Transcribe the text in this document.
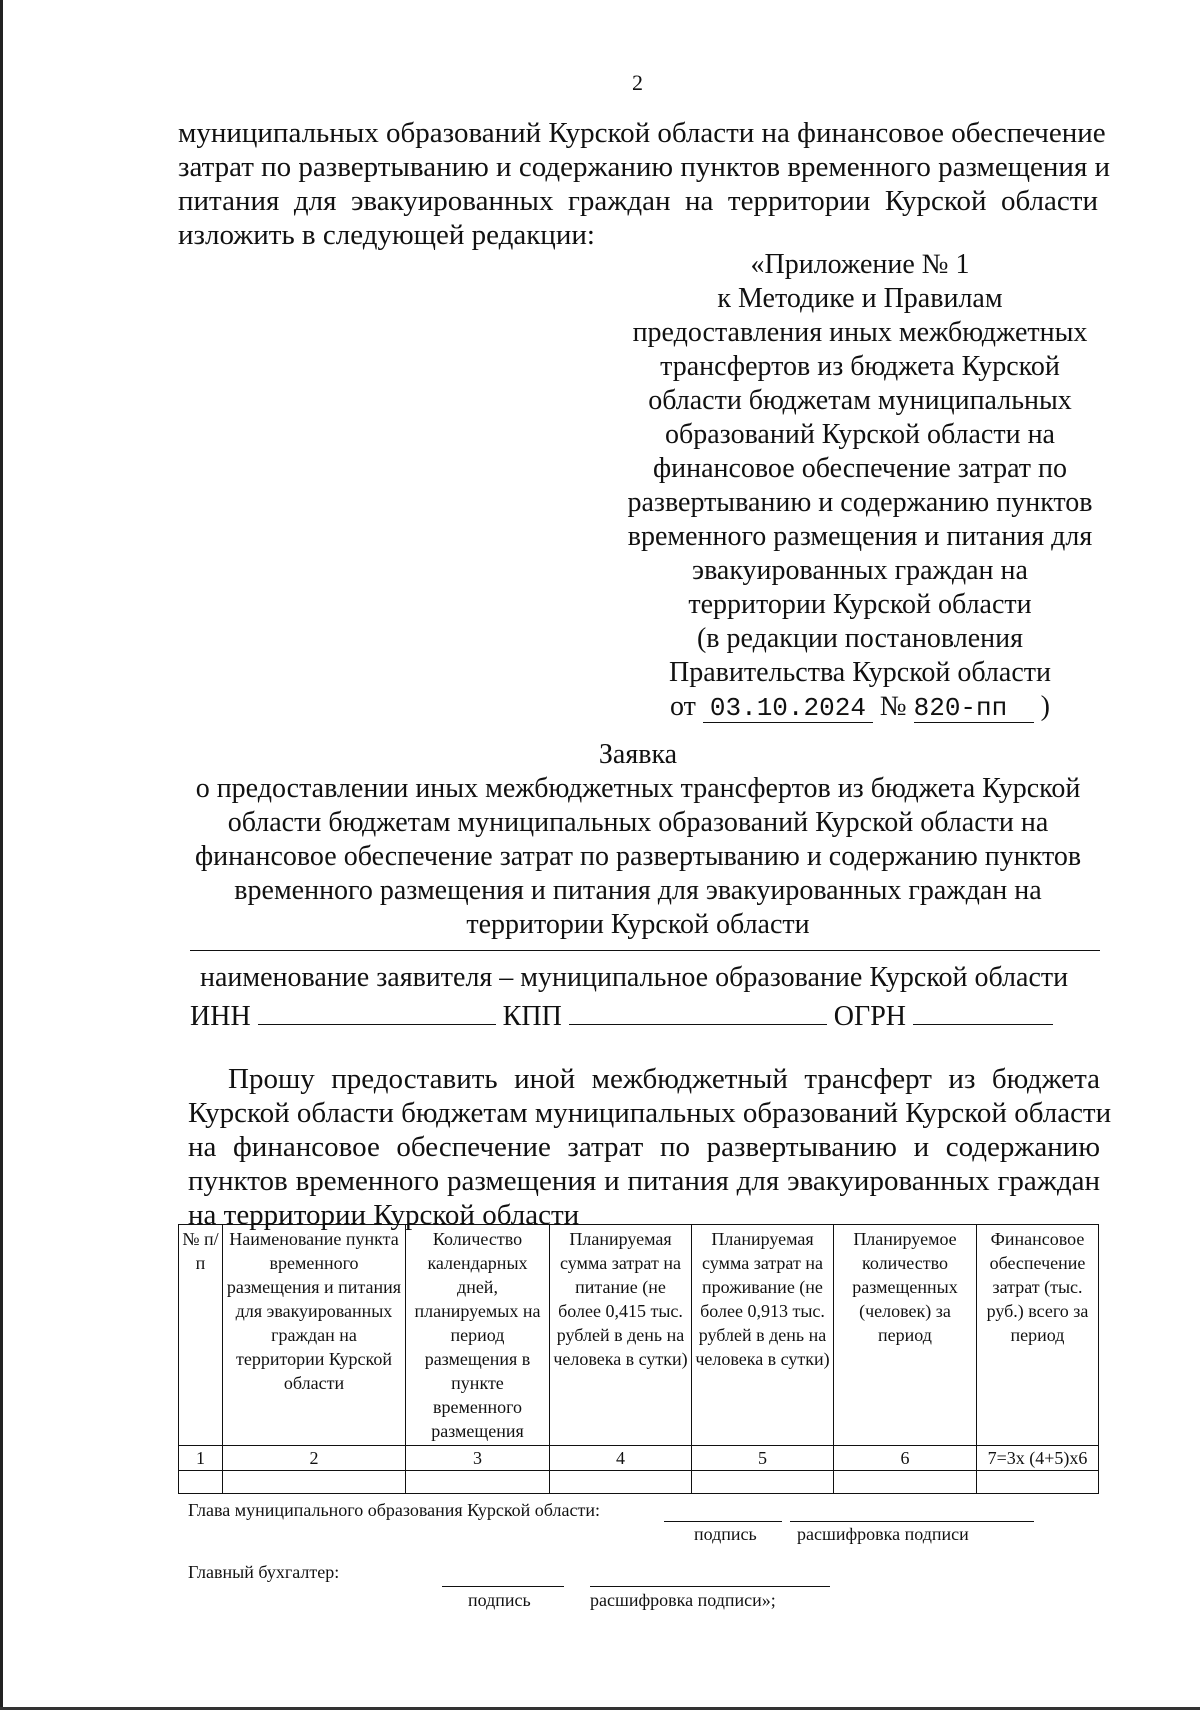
2
муниципальных образований Курской области на финансовое обеспечение
затрат по развертыванию и содержанию пунктов временного размещения и
питания для эвакуированных граждан на территории Курской области
изложить в следующей редакции:
«Приложение № 1
к Методике и Правилам
предоставления иных межбюджетных
трансфертов из бюджета Курской
области бюджетам муниципальных
образований Курской области на
финансовое обеспечение затрат по
развертыванию и содержанию пунктов
временного размещения и питания для
эвакуированных граждан на
территории Курской области
(в редакции постановления
Правительства Курской области
от 03.10.2024 № 820-пп )
Заявка
о предоставлении иных межбюджетных трансфертов из бюджета Курской
области бюджетам муниципальных образований Курской области на
финансовое обеспечение затрат по развертыванию и содержанию пунктов
временного размещения и питания для эвакуированных граждан на
территории Курской области
наименование заявителя – муниципальное образование Курской области
ИНН	КПП	ОГРН
Прошу предоставить иной межбюджетный трансферт из бюджета
Курской области бюджетам муниципальных образований Курской области
на финансовое обеспечение затрат по развертыванию и содержанию
пунктов временного размещения и питания для эвакуированных граждан
на территории Курской области
№ п/п	Наименование пункта временного размещения и питания для эвакуированных граждан на территории Курской области	Количество календарных дней, планируемых на период размещения в пункте временного размещения	Планируемая сумма затрат на питание (не более 0,415 тыс. рублей в день на человека в сутки)	Планируемая сумма затрат на проживание (не более 0,913 тыс. рублей в день на человека в сутки)	Планируемое количество размещенных (человек) за период	Финансовое обеспечение затрат (тыс. руб.) всего за период
1	2	3	4	5	6	7=3х (4+5)х6

Глава муниципального образования Курской области:
подпись расшифровка подписи
Главный бухгалтер:
подпись	расшифровка подписи»;
